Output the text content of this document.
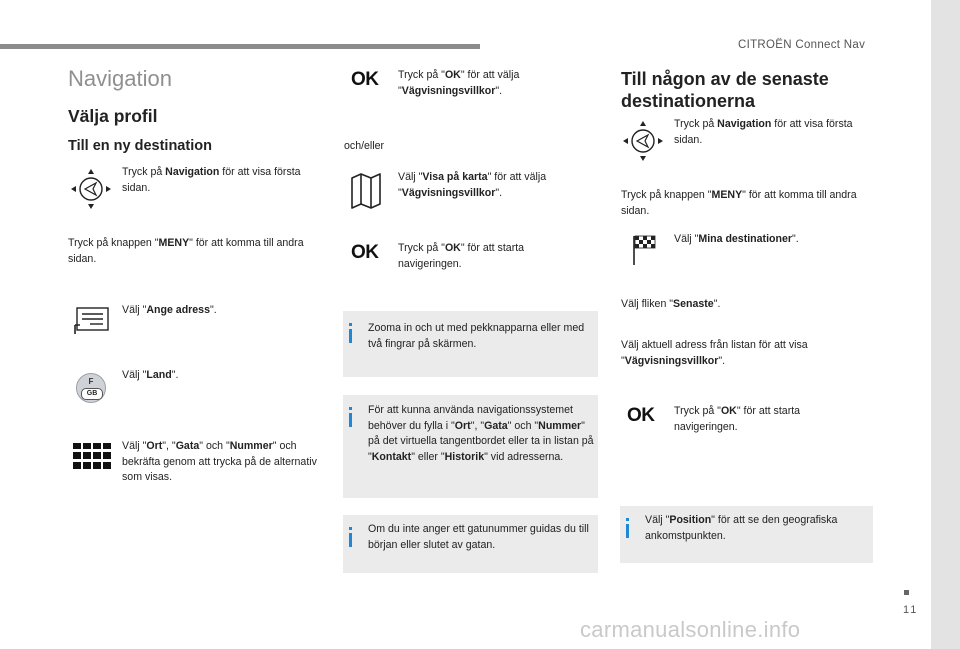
CITROËN Connect Nav
11
carmanualsonline.info
Navigation
Välja profil
Till en ny destination
Tryck på Navigation för att visa första sidan.
Tryck på knappen "MENY" för att komma till andra sidan.
Välj "Ange adress".
F
GB
Välj "Land".
Välj "Ort", "Gata" och "Nummer" och bekräfta genom att trycka på de alternativ som visas.
OK Tryck på "OK" för att välja "Vägvisningsvillkor".
och/eller
Välj "Visa på karta" för att välja "Vägvisningsvillkor".
OK Tryck på "OK" för att starta navigeringen.
Zooma in och ut med pekknapparna eller med två fingrar på skärmen.
För att kunna använda navigationssystemet behöver du fylla i "Ort", "Gata" och "Nummer" på det virtuella tangentbordet eller ta in listan på "Kontakt" eller "Historik" vid adresserna.
Om du inte anger ett gatunummer guidas du till början eller slutet av gatan.
Till någon av de senaste destinationerna
Tryck på Navigation för att visa första sidan.
Tryck på knappen "MENY" för att komma till andra sidan.
Välj "Mina destinationer".
Välj fliken "Senaste".
Välj aktuell adress från listan för att visa "Vägvisningsvillkor".
OK Tryck på "OK" för att starta navigeringen.
Välj "Position" för att se den geografiska ankomstpunkten.
